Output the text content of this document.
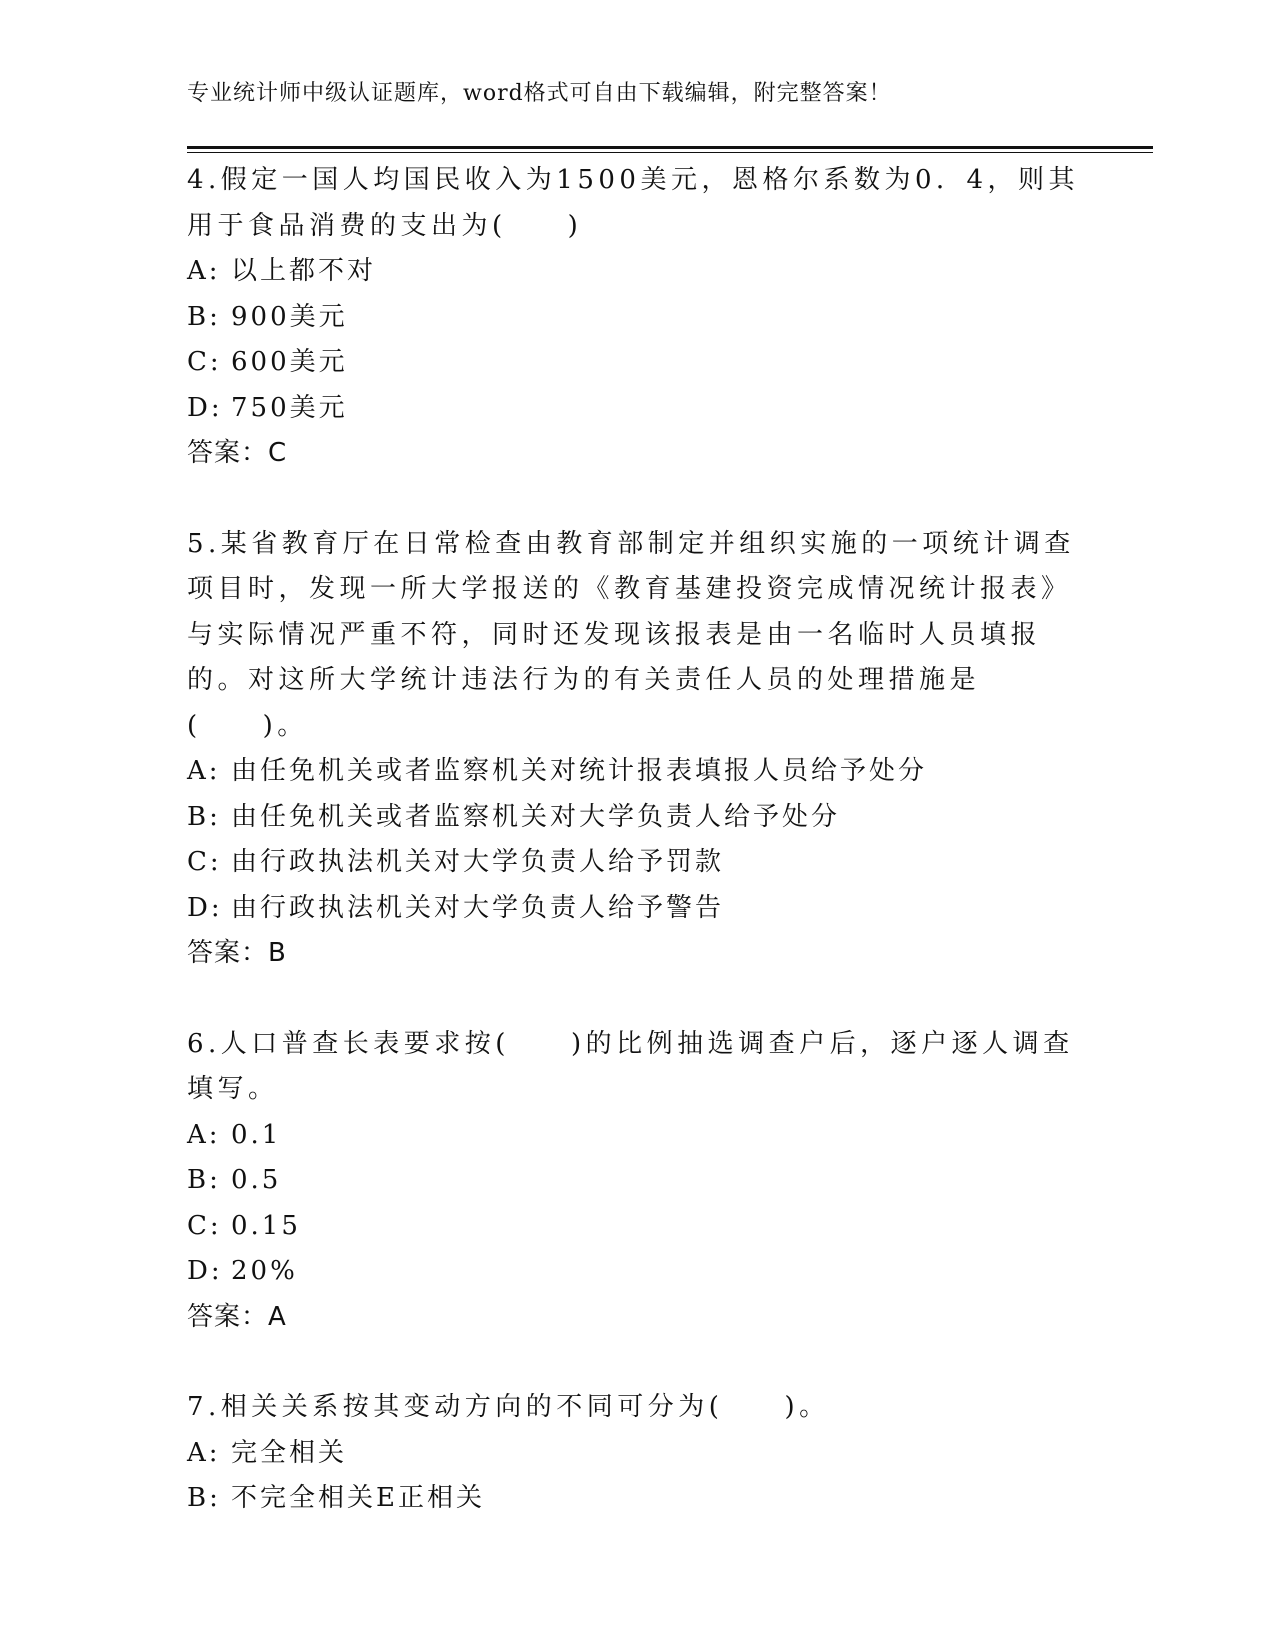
专业统计师中级认证题库，word格式可自由下载编辑，附完整答案！

4.假定一国人均国民收入为1500美元，恩格尔系数为0．4，则其用于食品消费的支出为(　　)

A: 以上都不对

B: 900美元

C: 600美元

D: 750美元

答案：C

5.某省教育厅在日常检查由教育部制定并组织实施的一项统计调查项目时，发现一所大学报送的《教育基建投资完成情况统计报表》与实际情况严重不符，同时还发现该报表是由一名临时人员填报的。对这所大学统计违法行为的有关责任人员的处理措施是(　　)。

A: 由任免机关或者监察机关对统计报表填报人员给予处分

B: 由任免机关或者监察机关对大学负责人给予处分

C: 由行政执法机关对大学负责人给予罚款

D: 由行政执法机关对大学负责人给予警告

答案：B

6.人口普查长表要求按(　　)的比例抽选调查户后，逐户逐人调查填写。

A: 0.1

B: 0.5

C: 0.15

D: 20%

答案：A

7.相关关系按其变动方向的不同可分为(　　)。

A: 完全相关

B: 不完全相关E正相关
